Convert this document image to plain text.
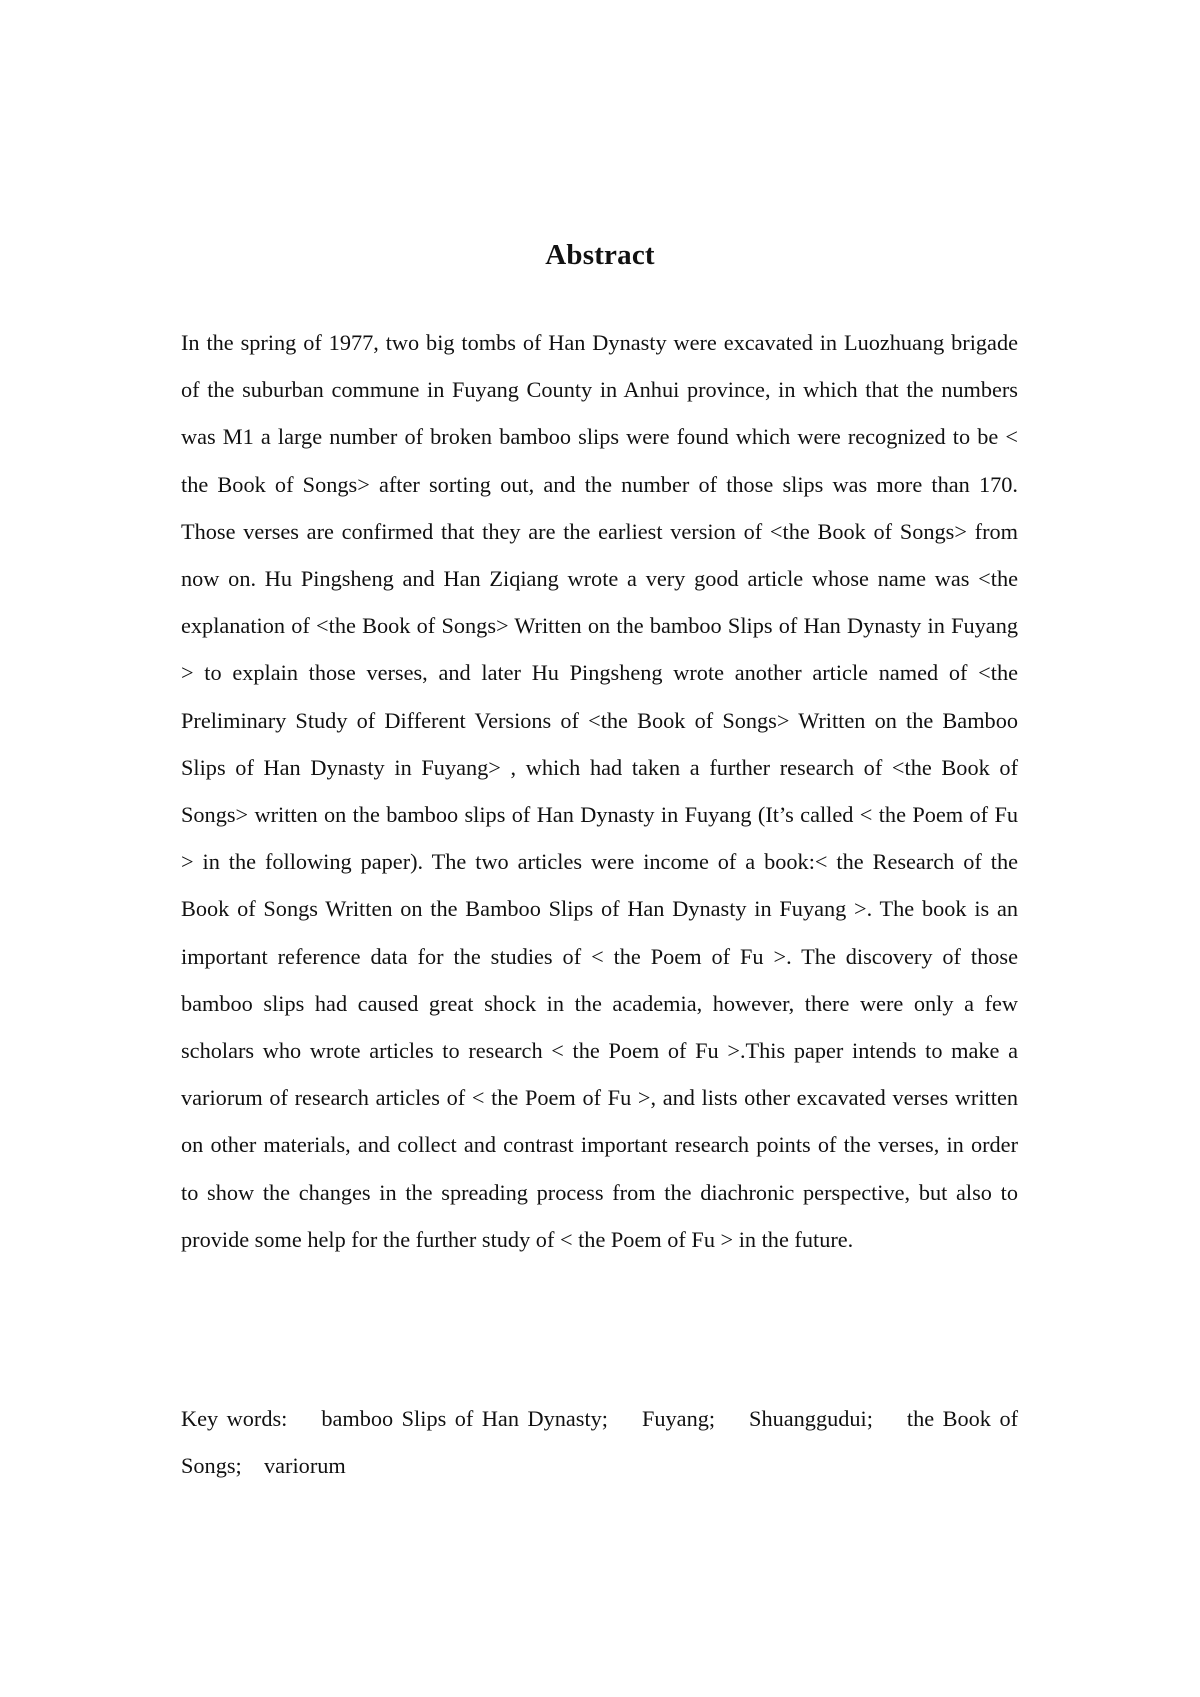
Abstract

In the spring of 1977, two big tombs of Han Dynasty were excavated in Luozhuang brigade of the suburban commune in Fuyang County in Anhui province, in which that the numbers was M1 a large number of broken bamboo slips were found which were recognized to be < the Book of Songs> after sorting out, and the number of those slips was more than 170. Those verses are confirmed that they are the earliest version of <the Book of Songs> from now on. Hu Pingsheng and Han Ziqiang wrote a very good article whose name was <the explanation of <the Book of Songs> Written on the bamboo Slips of Han Dynasty in Fuyang > to explain those verses, and later Hu Pingsheng wrote another article named of <the Preliminary Study of Different Versions of <the Book of Songs> Written on the Bamboo Slips of Han Dynasty in Fuyang> , which had taken a further research of <the Book of Songs> written on the bamboo slips of Han Dynasty in Fuyang (It’s called < the Poem of Fu > in the following paper). The two articles were income of a book:< the Research of the Book of Songs Written on the Bamboo Slips of Han Dynasty in Fuyang >. The book is an important reference data for the studies of < the Poem of Fu >. The discovery of those bamboo slips had caused great shock in the academia, however, there were only a few scholars who wrote articles to research < the Poem of Fu >.This paper intends to make a variorum of research articles of < the Poem of Fu >, and lists other excavated verses written on other materials, and collect and contrast important research points of the verses, in order to show the changes in the spreading process from the diachronic perspective, but also to provide some help for the further study of < the Poem of Fu > in the future.

Key words: bamboo Slips of Han Dynasty; Fuyang; Shuanggudui; the Book of Songs; variorum
